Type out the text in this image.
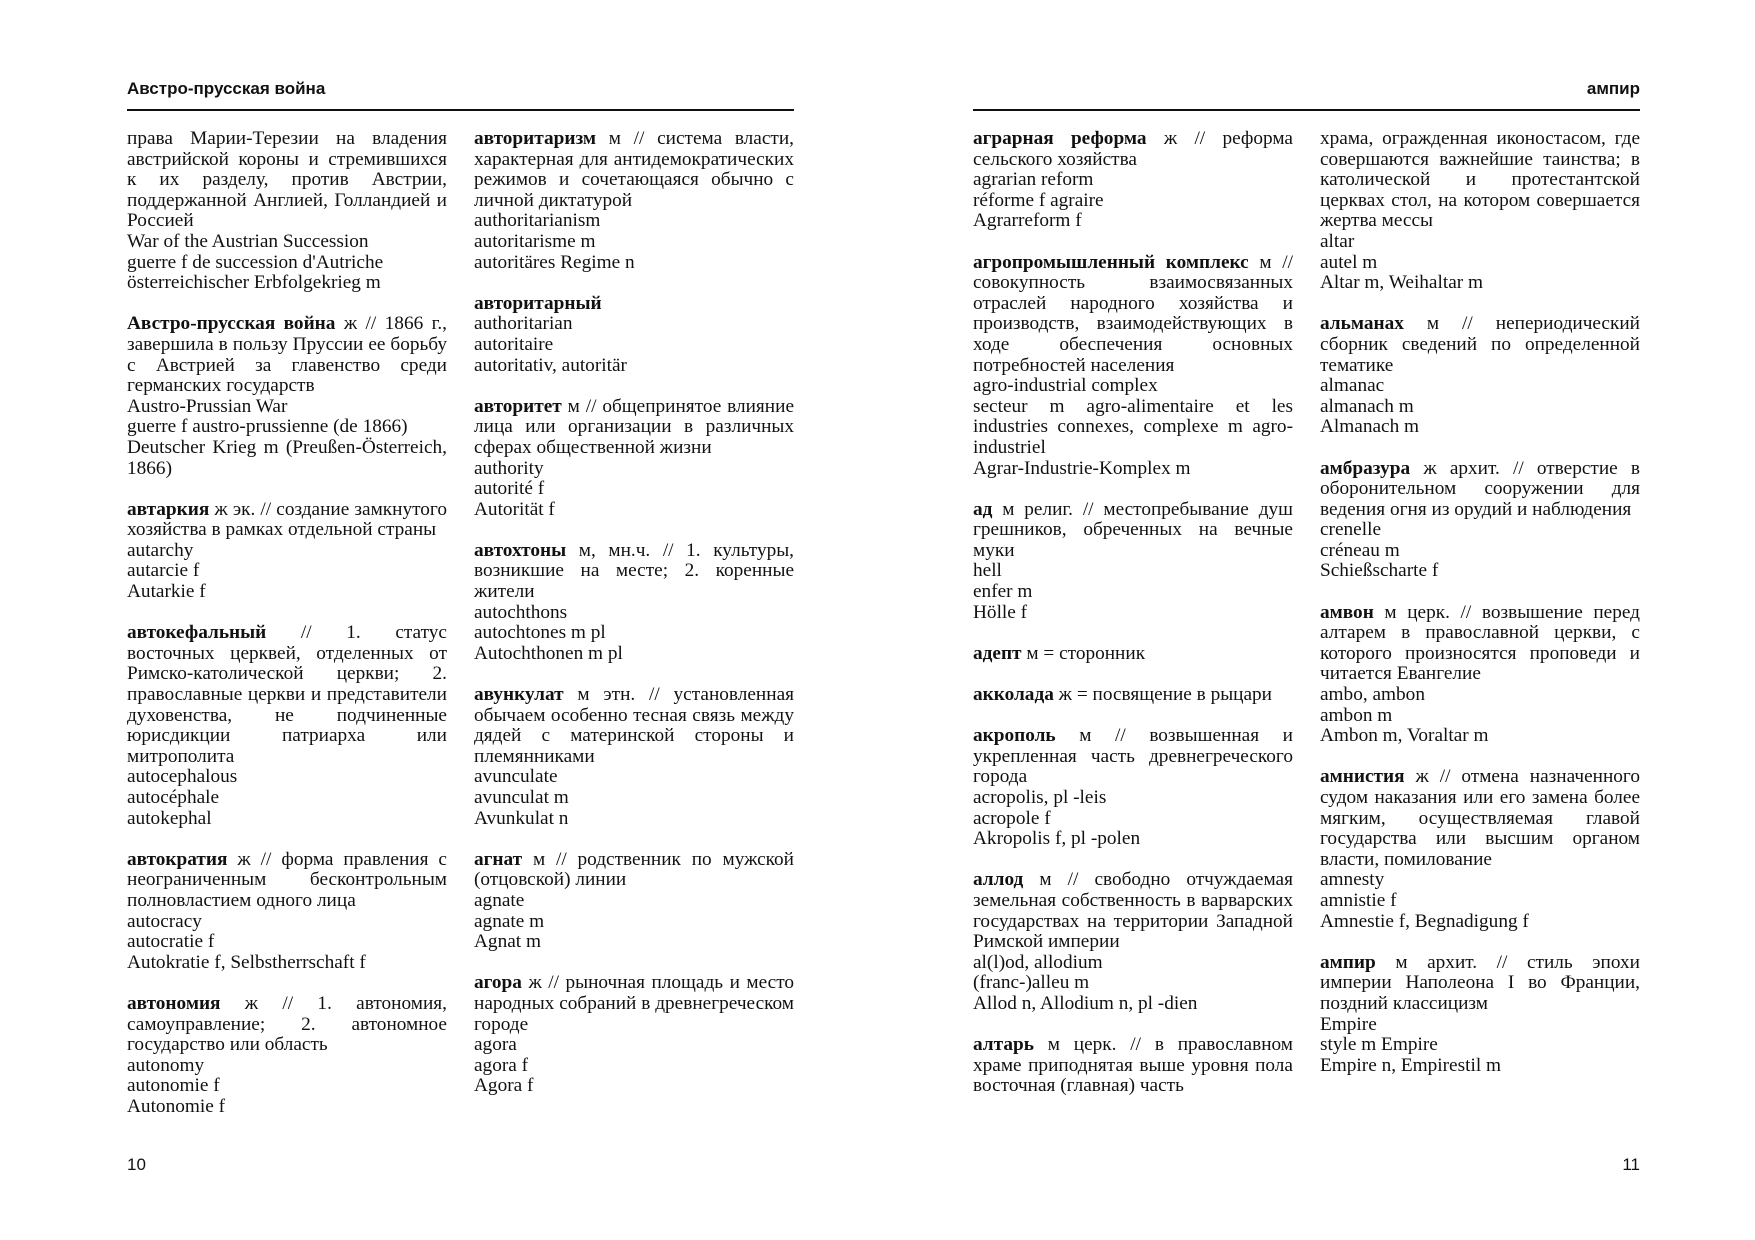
Австро-прусская война
права Марии-Терезии на владения австрийской короны и стремившихся к их разделу, против Австрии, поддержанной Англией, Голландией и Россией
War of the Austrian Succession
guerre f de succession d'Autriche
österreichischer Erbfolgekrieg m
Австро-прусская война ж // 1866 г., завершила в пользу Пруссии ее борьбу с Австрией за главенство среди германских государств
Austro-Prussian War
guerre f austro-prussienne (de 1866)
Deutscher Krieg m (Preußen-Österreich, 1866)
автаркия ж эк. // создание замкнутого хозяйства в рамках отдельной страны
autarchy
autarcie f
Autarkie f
автокефальный // 1. статус восточных церквей, отделенных от Римско-католической церкви; 2. православные церкви и представители духовенства, не подчиненные юрисдикции патриарха или митрополита
autocephalous
autocéphale
autokephal
автократия ж // форма правления с неограниченным бесконтрольным полновластием одного лица
autocracy
autocratie f
Autokratie f, Selbstherrschaft f
автономия ж // 1. автономия, самоуправление; 2. автономное государство или область
autonomy
autonomie f
Autonomie f
авторитаризм м // система власти, характерная для антидемократических режимов и сочетающаяся обычно с личной диктатурой
authoritarianism
autoritarisme m
autoritäres Regime n
авторитарный
authoritarian
autoritaire
autoritativ, autoritär
авторитет м // общепринятое влияние лица или организации в различных сферах общественной жизни
authority
autorité f
Autorität f
автохтоны м, мн.ч. // 1. культуры, возникшие на месте; 2. коренные жители
autochthons
autochtones m pl
Autochthonen m pl
авункулат м этн. // установленная обычаем особенно тесная связь между дядей с материнской стороны и племянниками
avunculate
avunculat m
Avunkulat n
агнат м // родственник по мужской (отцовской) линии
agnate
agnate m
Agnat m
агора ж // рыночная площадь и место народных собраний в древнегреческом городе
agora
agora f
Agora f
10
ампир
аграрная реформа ж // реформа сельского хозяйства
agrarian reform
réforme f agraire
Agrarreform f
агропромышленный комплекс м // совокупность взаимосвязанных отраслей народного хозяйства и производств, взаимодействующих в ходе обеспечения основных потребностей населения
agro-industrial complex
secteur m agro-alimentaire et les industries connexes, complexe m agro-industriel
Agrar-Industrie-Komplex m
ад м религ. // местопребывание душ грешников, обреченных на вечные муки
hell
enfer m
Hölle f
адепт м = сторонник
акколада ж = посвящение в рыцари
акрополь м // возвышенная и укрепленная часть древнегреческого города
acropolis, pl -leis
acropole f
Akropolis f, pl -polen
аллод м // свободно отчуждаемая земельная собственность в варварских государствах на территории Западной Римской империи
al(l)od, allodium
(franc-)alleu m
Allod n, Allodium n, pl -dien
алтарь м церк. // в православном храме приподнятая выше уровня пола восточная (главная) часть
храма, огражденная иконостасом, где совершаются важнейшие таинства; в католической и протестантской церквах стол, на котором совершается жертва мессы
altar
autel m
Altar m, Weihaltar m
альманах м // непериодический сборник сведений по определенной тематике
almanac
almanach m
Almanach m
амбразура ж архит. // отверстие в оборонительном сооружении для ведения огня из орудий и наблюдения
crenelle
créneau m
Schießscharte f
амвон м церк. // возвышение перед алтарем в православной церкви, с которого произносятся проповеди и читается Евангелие
ambo, ambon
ambon m
Ambon m, Voraltar m
амнистия ж // отмена назначенного судом наказания или его замена более мягким, осуществляемая главой государства или высшим органом власти, помилование
amnesty
amnistie f
Amnestie f, Begnadigung f
ампир м архит. // стиль эпохи империи Наполеона I во Франции, поздний классицизм
Empire
style m Empire
Empire n, Empirestil m
11
